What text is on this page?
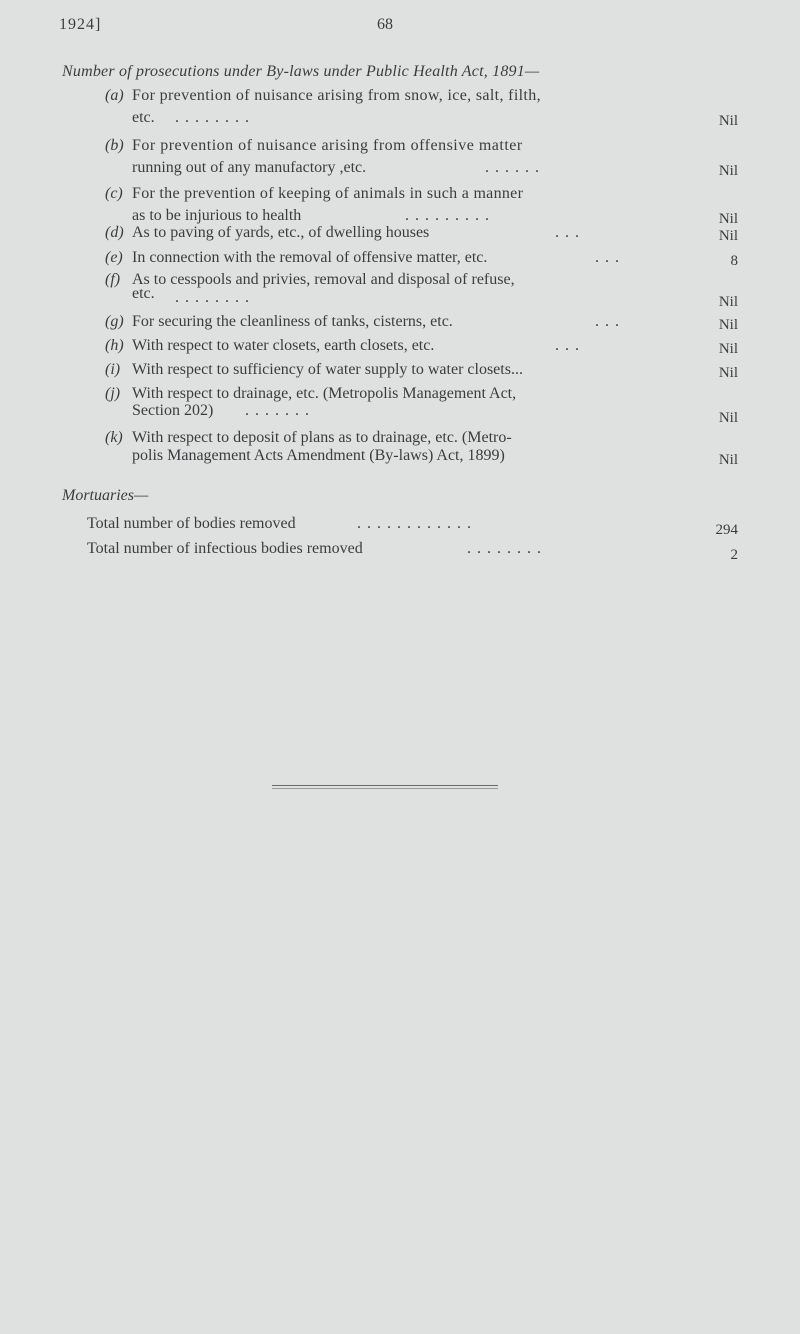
1924]	68
Number of prosecutions under By-laws under Public Health Act, 1891—
(a) For prevention of nuisance arising from snow, ice, salt, filth,
etc. ........	Nil
(b) For prevention of nuisance arising from offensive matter
running out of any manufactory ,etc.	......	Nil
(c) For the prevention of keeping of animals in such a manner
as to be injurious to health	.........	Nil
(d) As to paving of yards, etc., of dwelling houses	...	Nil
(e) In connection with the removal of offensive matter, etc.	...	8
(f) As to cesspools and privies, removal and disposal of refuse,
etc. ........	Nil
(g) For securing the cleanliness of tanks, cisterns, etc.	...	Nil
(h) With respect to water closets, earth closets, etc.	...	Nil
(i) With respect to sufficiency of water supply to water closets...	Nil
(j) With respect to drainage, etc. (Metropolis Management Act,
Section 202) .......	Nil
(k) With respect to deposit of plans as to drainage, etc. (Metro-
polis Management Acts Amendment (By-laws) Act, 1899)	Nil
Mortuaries—
Total number of bodies removed	............	294
Total number of infectious bodies removed	........	2
